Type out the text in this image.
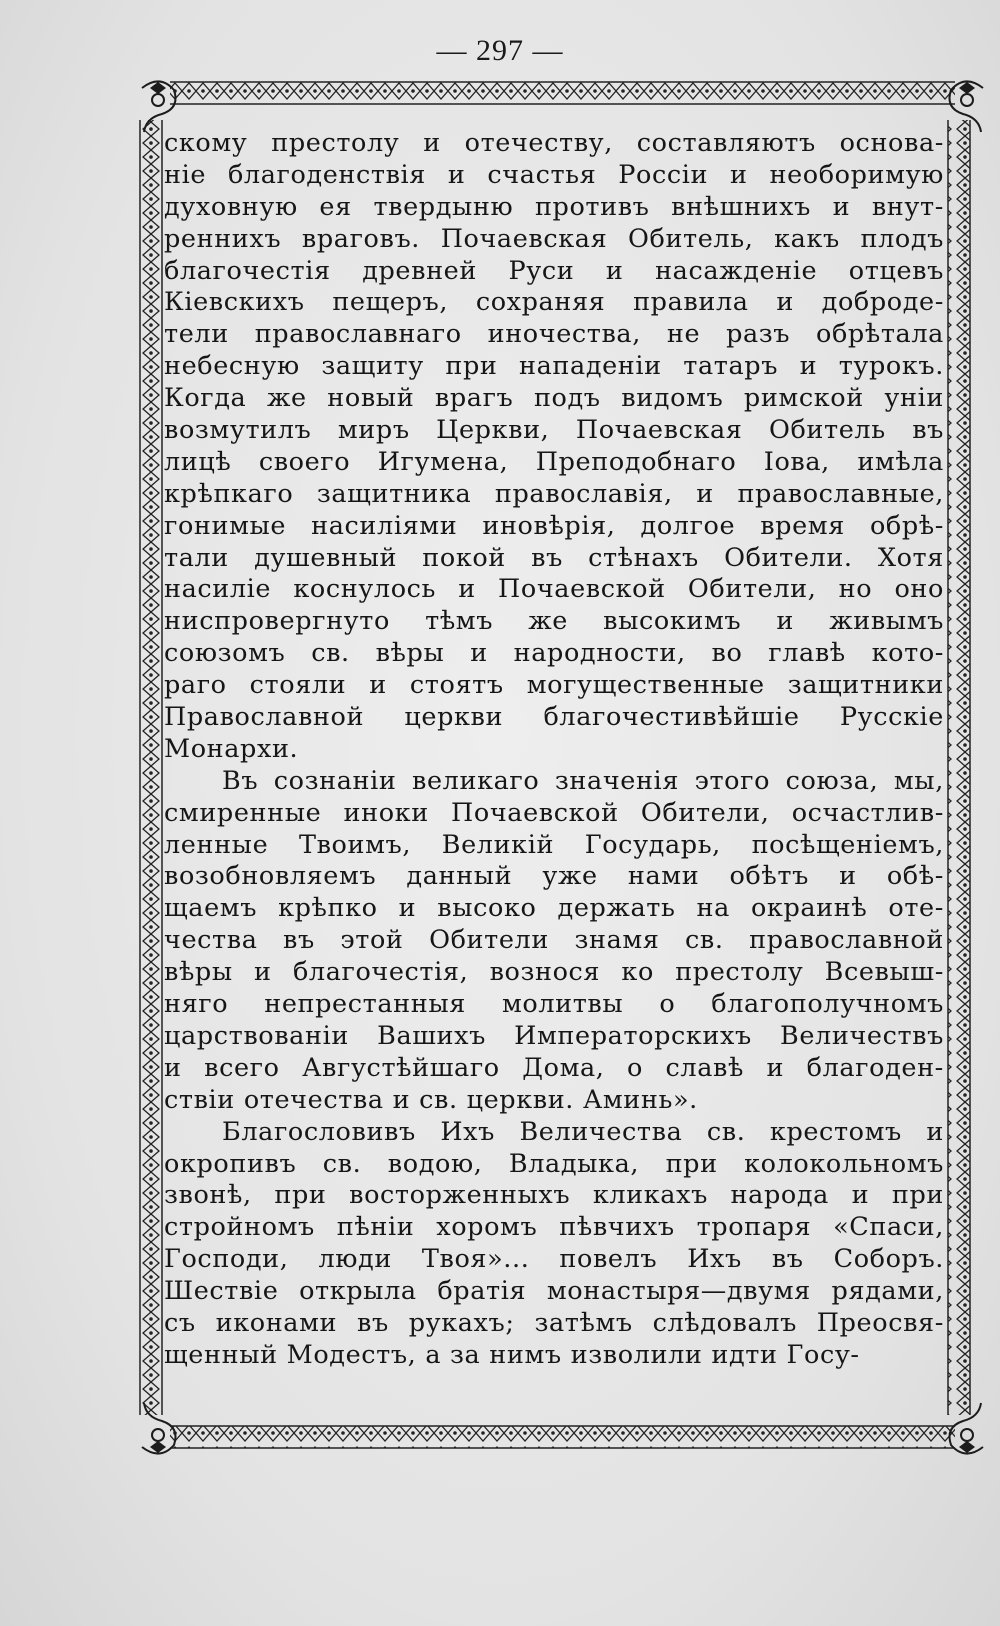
— 297 —
скому престолу и отечеству, составляютъ основа-
ніе благоденствія и счастья Россіи и необоримую
духовную ея твердыню противъ внѣшнихъ и внут-
реннихъ враговъ. Почаевская Обитель, какъ плодъ
благочестія древней Руси и насажденіе отцевъ
Кіевскихъ пещеръ, сохраняя правила и доброде-
тели православнаго иночества, не разъ обрѣтала
небесную защиту при нападеніи татаръ и турокъ.
Когда же новый врагъ подъ видомъ римской уніи
возмутилъ миръ Церкви, Почаевская Обитель въ
лицѣ своего Игумена, Преподобнаго Іова, имѣла
крѣпкаго защитника православія, и православные,
гонимые насиліями иновѣрія, долгое время обрѣ-
тали душевный покой въ стѣнахъ Обители. Хотя
насиліе коснулось и Почаевской Обители, но оно
ниспровергнуто тѣмъ же высокимъ и живымъ
союзомъ св. вѣры и народности, во главѣ кото-
раго стояли и стоятъ могущественные защитники
Православной церкви благочестивѣйшіе Русскіе
Монархи.
Въ сознаніи великаго значенія этого союза, мы,
смиренные иноки Почаевской Обители, осчастлив-
ленные Твоимъ, Великій Государь, посѣщеніемъ,
возобновляемъ данный уже нами обѣтъ и обѣ-
щаемъ крѣпко и высоко держать на окраинѣ оте-
чества въ этой Обители знамя св. православной
вѣры и благочестія, вознося ко престолу Всевыш-
няго непрестанныя молитвы о благополучномъ
царствованіи Вашихъ Императорскихъ Величествъ
и всего Августѣйшаго Дома, о славѣ и благоден-
ствіи отечества и св. церкви. Аминь».
Благословивъ Ихъ Величества св. крестомъ и
окропивъ св. водою, Владыка, при колокольномъ
звонѣ, при восторженныхъ кликахъ народа и при
стройномъ пѣніи хоромъ пѣвчихъ тропаря «Спаси,
Господи, люди Твоя»... повелъ Ихъ въ Соборъ.
Шествіе открыла братія монастыря—двумя рядами,
съ иконами въ рукахъ; затѣмъ слѣдовалъ Преосвя-
щенный Модестъ, а за нимъ изволили идти Госу-
